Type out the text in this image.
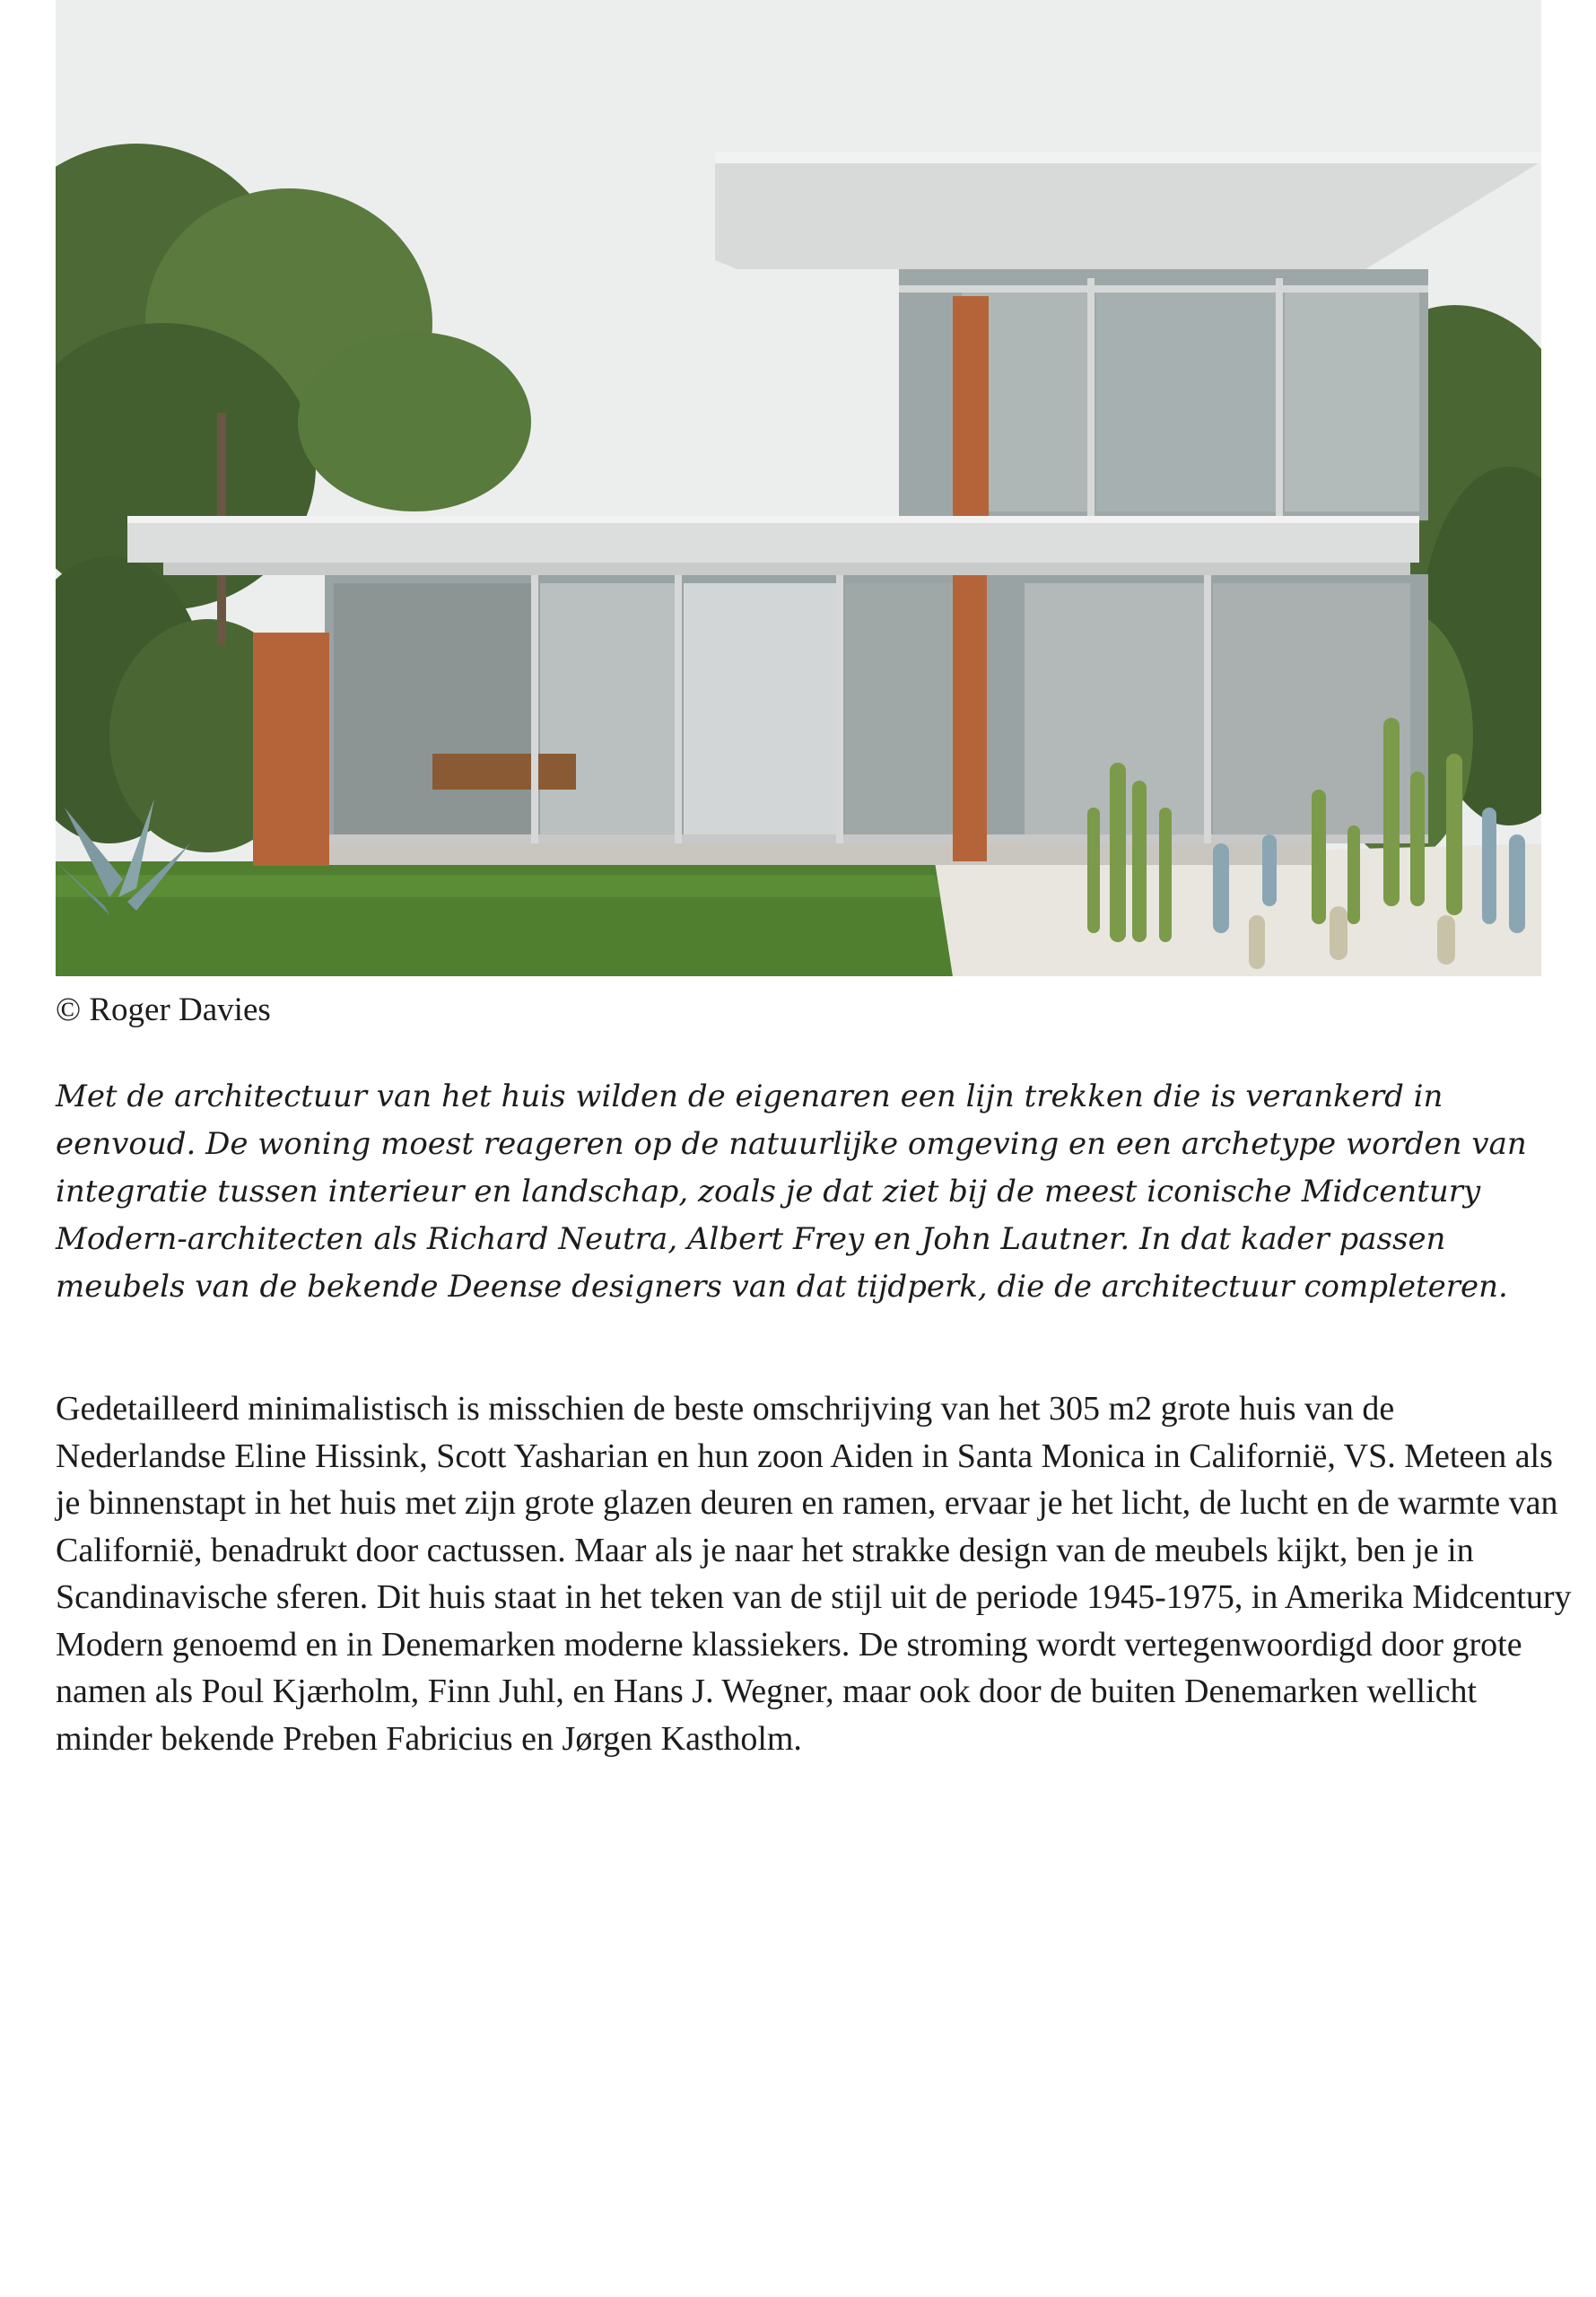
© Roger Davies

Met de architectuur van het huis wilden de eigenaren een lijn trekken die is verankerd in eenvoud. De woning moest reageren op de natuurlijke omgeving en een archetype worden van integratie tussen interieur en landschap, zoals je dat ziet bij de meest iconische Midcentury Modern-architecten als Richard Neutra, Albert Frey en John Lautner. In dat kader passen meubels van de bekende Deense designers van dat tijdperk, die de architectuur completeren.

Gedetailleerd minimalistisch is misschien de beste omschrijving van het 305 m2 grote huis van de Nederlandse Eline Hissink, Scott Yasharian en hun zoon Aiden in Santa Monica in Californië, VS. Meteen als je binnenstapt in het huis met zijn grote glazen deuren en ramen, ervaar je het licht, de lucht en de warmte van Californië, benadrukt door cactussen. Maar als je naar het strakke design van de meubels kijkt, ben je in Scandinavische sferen. Dit huis staat in het teken van de stijl uit de periode 1945-1975, in Amerika Midcentury Modern genoemd en in Denemarken moderne klassiekers. De stroming wordt vertegenwoordigd door grote namen als Poul Kjærholm, Finn Juhl, en Hans J. Wegner, maar ook door de buiten Denemarken wellicht minder bekende Preben Fabricius en Jørgen Kastholm.
